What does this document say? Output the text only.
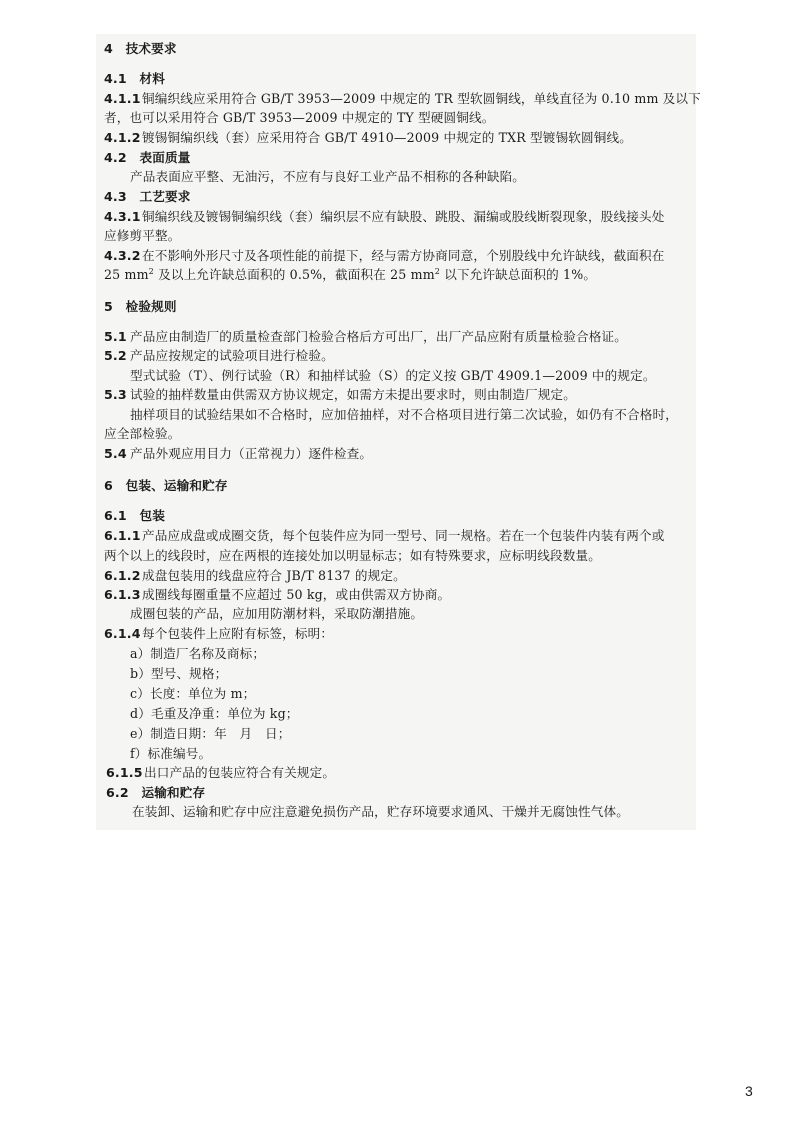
4　技术要求
4.1　材料
4.1.1铜编织线应采用符合 GB/T 3953—2009 中规定的 TR 型软圆铜线，单线直径为 0.10 mm 及以下
者，也可以采用符合 GB/T 3953—2009 中规定的 TY 型硬圆铜线。
4.1.2镀锡铜编织线（套）应采用符合 GB/T 4910—2009 中规定的 TXR 型镀锡软圆铜线。
4.2　表面质量
产品表面应平整、无油污，不应有与良好工业产品不相称的各种缺陷。
4.3　工艺要求
4.3.1铜编织线及镀锡铜编织线（套）编织层不应有缺股、跳股、漏编或股线断裂现象，股线接头处
应修剪平整。
4.3.2在不影响外形尺寸及各项性能的前提下，经与需方协商同意，个别股线中允许缺线，截面积在
25 $mm^2$ 及以上允许缺总面积的 0.5%，截面积在 25 $mm^2$ 以下允许缺总面积的 1%。
5　检验规则
5.1 产品应由制造厂的质量检查部门检验合格后方可出厂，出厂产品应附有质量检验合格证。
5.2 产品应按规定的试验项目进行检验。
型式试验（T）、例行试验（R）和抽样试验（S）的定义按 GB/T 4909.1—2009 中的规定。
5.3 试验的抽样数量由供需双方协议规定，如需方未提出要求时，则由制造厂规定。
抽样项目的试验结果如不合格时，应加倍抽样，对不合格项目进行第二次试验，如仍有不合格时，
应全部检验。
5.4 产品外观应用目力（正常视力）逐件检查。
6　包装、运输和贮存
6.1　包装
6.1.1产品应成盘或成圈交货，每个包装件应为同一型号、同一规格。若在一个包装件内装有两个或
两个以上的线段时，应在两根的连接处加以明显标志；如有特殊要求，应标明线段数量。
6.1.2成盘包装用的线盘应符合 JB/T 8137 的规定。
6.1.3成圈线每圈重量不应超过 50 kg，或由供需双方协商。
成圈包装的产品，应加用防潮材料，采取防潮措施。
6.1.4每个包装件上应附有标签，标明：
a）制造厂名称及商标；
b）型号、规格；
c）长度：单位为 m；
d）毛重及净重：单位为 kg；
e）制造日期：年　月　日；
f）标准编号。
6.1.5出口产品的包装应符合有关规定。
6.2　运输和贮存
在装卸、运输和贮存中应注意避免损伤产品，贮存环境要求通风、干燥并无腐蚀性气体。
3
